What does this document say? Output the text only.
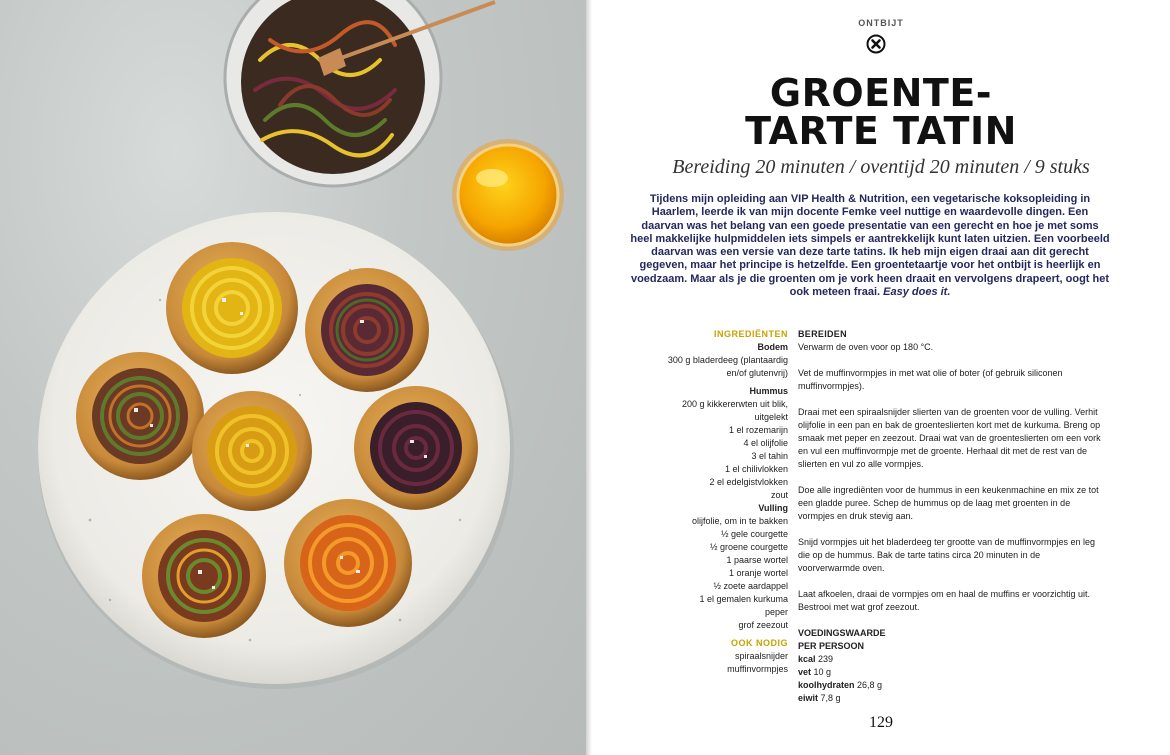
ONTBIJT
GROENTE-
TARTE TATIN
Bereiding 20 minuten / oventijd 20 minuten / 9 stuks
Tijdens mijn opleiding aan VIP Health & Nutrition, een vegetarische koksopleiding in Haarlem, leerde ik van mijn docente Femke veel nuttige en waardevolle dingen. Een daarvan was het belang van een goede presentatie van een gerecht en hoe je met soms heel makkelijke hulpmiddelen iets simpels er aantrekkelijk kunt laten uitzien. Een voorbeeld daarvan was een versie van deze tarte tatins. Ik heb mijn eigen draai aan dit gerecht gegeven, maar het principe is hetzelfde. Een groentetaartje voor het ontbijt is heerlijk en voedzaam. Maar als je die groenten om je vork heen draait en vervolgens drapeert, oogt het ook meteen fraai. Easy does it.
INGREDIËNTEN
Bodem
300 g bladerdeeg (plantaardig
en/of glutenvrij)
Hummus
200 g kikkererwten uit blik,
uitgelekt
1 el rozemarijn
4 el olijfolie
3 el tahin
1 el chilivlokken
2 el edelgistvlokken
zout
Vulling
olijfolie, om in te bakken
½ gele courgette
½ groene courgette
1 paarse wortel
1 oranje wortel
½ zoete aardappel
1 el gemalen kurkuma
peper
grof zeezout
OOK NODIG
spiraalsnijder
muffinvormpjes
BEREIDEN

Verwarm de oven voor op 180 °C.

Vet de muffinvormpjes in met wat olie of boter (of gebruik siliconen muffinvormpjes).

Draai met een spiraalsnijder slierten van de groenten voor de vulling. Verhit olijfolie in een pan en bak de groenteslierten kort met de kurkuma. Breng op smaak met peper en zeezout. Draai wat van de groenteslierten om een vork en vul een muffinvormpje met de groente. Herhaal dit met de rest van de slierten en vul zo alle vormpjes.

Doe alle ingrediënten voor de hummus in een keukenmachine en mix ze tot een gladde puree. Schep de hummus op de laag met groenten in de vormpjes en druk stevig aan.

Snijd vormpjes uit het bladerdeeg ter grootte van de muffinvormpjes en leg die op de hummus. Bak de tarte tatins circa 20 minuten in de voorverwarmde oven.

Laat afkoelen, draai de vormpjes om en haal de muffins er voorzichtig uit. Bestrooi met wat grof zeezout.

VOEDINGSWAARDE
PER PERSOON
kcal 239
vet 10 g
koolhydraten 26,8 g
eiwit 7,8 g
129
